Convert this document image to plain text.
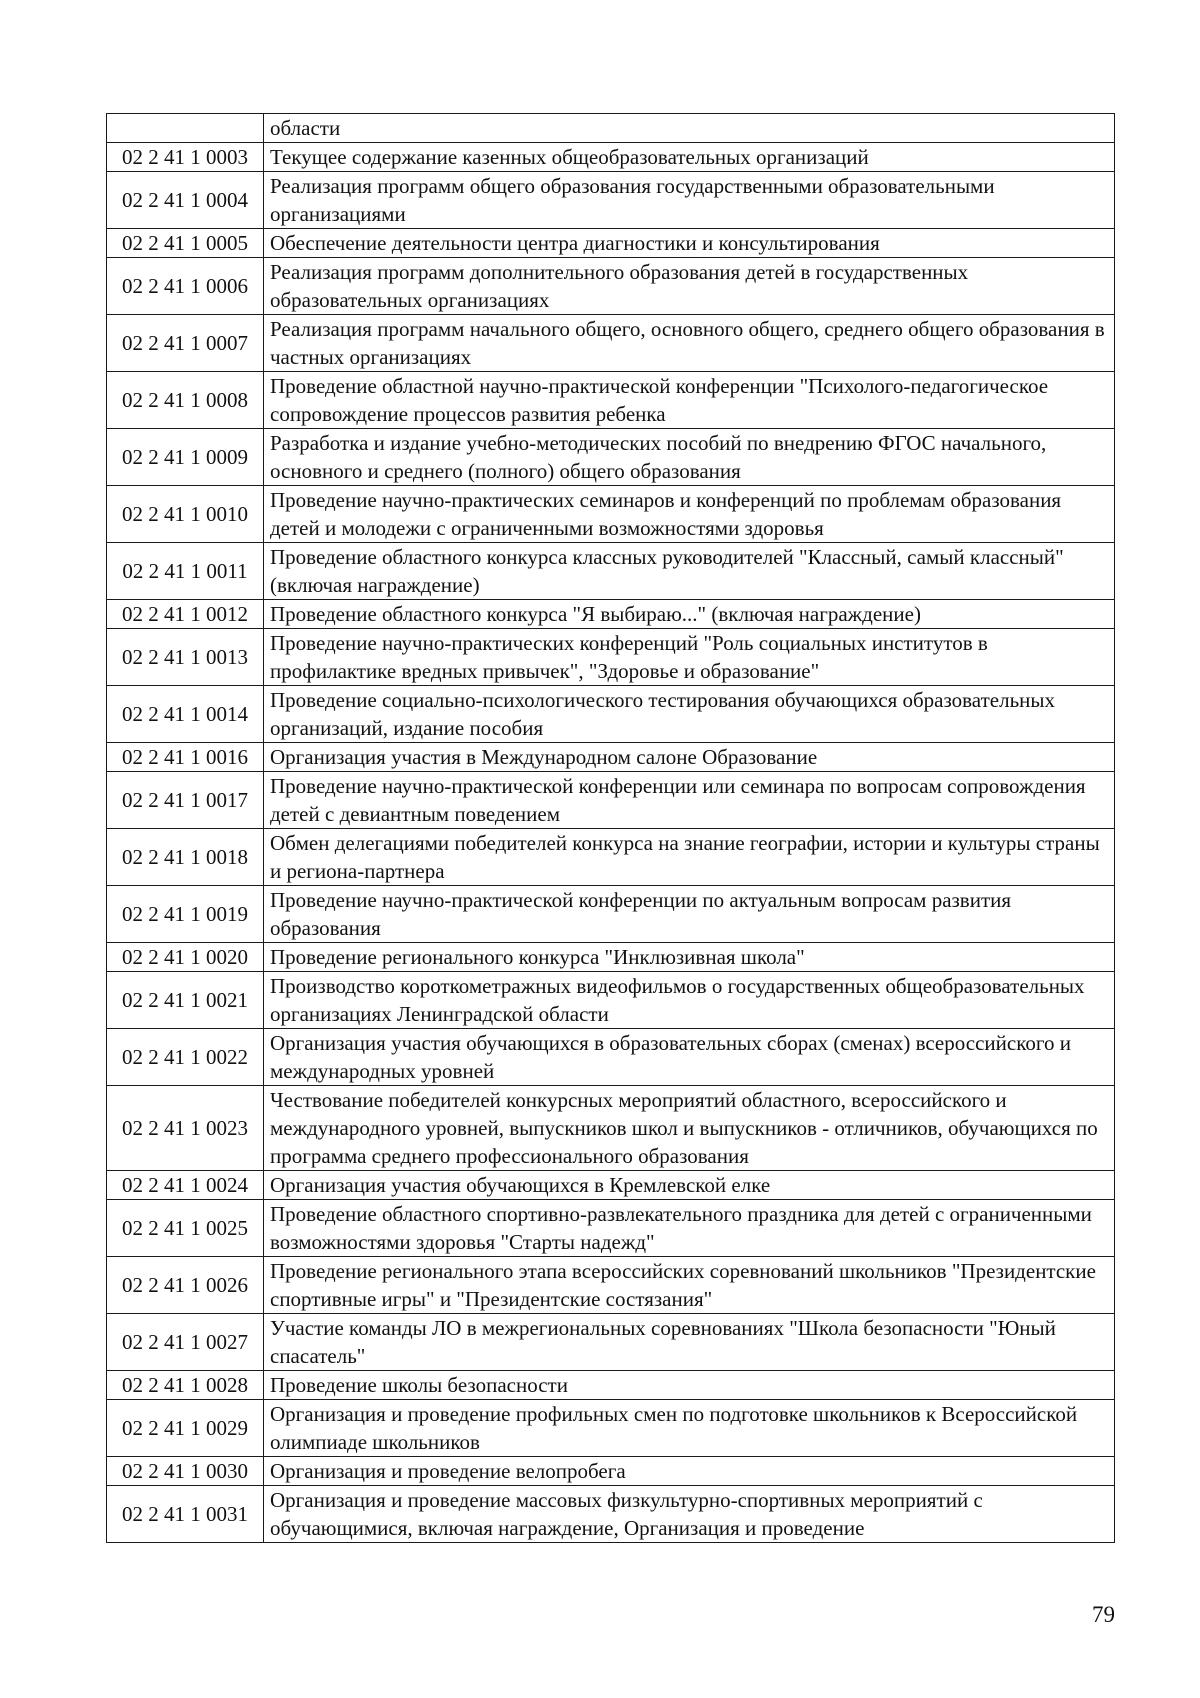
	области
02 2 41 1 0003	Текущее содержание казенных общеобразовательных организаций
02 2 41 1 0004	Реализация программ общего образования государственными образовательными организациями
02 2 41 1 0005	Обеспечение деятельности центра диагностики и консультирования
02 2 41 1 0006	Реализация программ дополнительного образования детей в государственных образовательных организациях
02 2 41 1 0007	Реализация программ начального общего, основного общего, среднего общего образования в частных организациях
02 2 41 1 0008	Проведение областной научно-практической конференции "Психолого-педагогическое сопровождение процессов развития ребенка
02 2 41 1 0009	Разработка и издание учебно-методических пособий по внедрению ФГОС начального, основного и среднего (полного) общего образования
02 2 41 1 0010	Проведение научно-практических семинаров и конференций по проблемам образования детей и молодежи с ограниченными возможностями здоровья
02 2 41 1 0011	Проведение областного конкурса классных руководителей "Классный, самый классный" (включая награждение)
02 2 41 1 0012	Проведение областного конкурса "Я выбираю..." (включая награждение)
02 2 41 1 0013	Проведение научно-практических конференций "Роль социальных институтов в профилактике вредных привычек", "Здоровье и образование"
02 2 41 1 0014	Проведение социально-психологического тестирования обучающихся образовательных организаций, издание пособия
02 2 41 1 0016	Организация участия в Международном салоне Образование
02 2 41 1 0017	Проведение научно-практической конференции или семинара по вопросам сопровождения детей с девиантным поведением
02 2 41 1 0018	Обмен делегациями победителей конкурса на знание географии, истории и культуры страны и региона-партнера
02 2 41 1 0019	Проведение научно-практической конференции по актуальным вопросам развития образования
02 2 41 1 0020	Проведение регионального конкурса "Инклюзивная школа"
02 2 41 1 0021	Производство короткометражных видеофильмов о государственных общеобразовательных организациях Ленинградской области
02 2 41 1 0022	Организация участия обучающихся в образовательных сборах (сменах) всероссийского и международных уровней
02 2 41 1 0023	Чествование победителей конкурсных мероприятий областного, всероссийского и международного уровней, выпускников школ и выпускников - отличников, обучающихся по программа среднего профессионального образования
02 2 41 1 0024	Организация участия обучающихся в Кремлевской елке
02 2 41 1 0025	Проведение областного спортивно-развлекательного праздника для детей с ограниченными возможностями здоровья "Старты надежд"
02 2 41 1 0026	Проведение регионального этапа всероссийских соревнований школьников "Президентские спортивные игры" и "Президентские состязания"
02 2 41 1 0027	Участие команды ЛО в межрегиональных соревнованиях "Школа безопасности "Юный спасатель"
02 2 41 1 0028	Проведение школы безопасности
02 2 41 1 0029	Организация и проведение профильных смен по подготовке школьников к Всероссийской олимпиаде школьников
02 2 41 1 0030	Организация и проведение велопробега
02 2 41 1 0031	Организация и проведение массовых физкультурно-спортивных мероприятий с обучающимися, включая награждение, Организация и проведение
79
